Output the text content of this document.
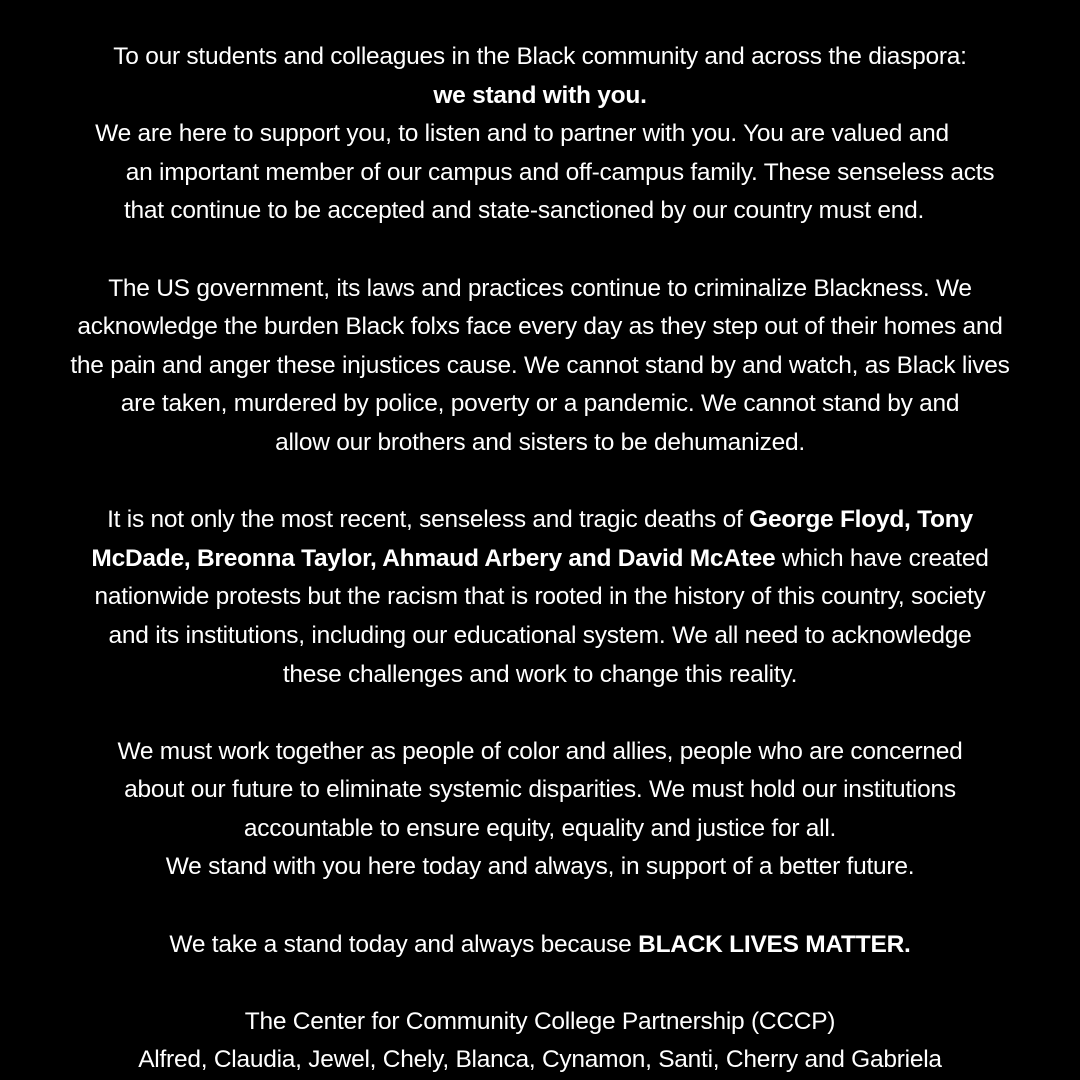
To our students and colleagues in the Black community and across the diaspora:
we stand with you.
We are here to support you, to listen and to partner with you. You are valued and
an important member of our campus and off-campus family. These senseless acts
that continue to be accepted and state-sanctioned by our country must end.
The US government, its laws and practices continue to criminalize Blackness. We
acknowledge the burden Black folxs face every day as they step out of their homes and
the pain and anger these injustices cause. We cannot stand by and watch, as Black lives
are taken, murdered by police, poverty or a pandemic. We cannot stand by and
allow our brothers and sisters to be dehumanized.
It is not only the most recent, senseless and tragic deaths of George Floyd, Tony
McDade, Breonna Taylor, Ahmaud Arbery and David McAtee which have created
nationwide protests but the racism that is rooted in the history of this country, society
and its institutions, including our educational system. We all need to acknowledge
these challenges and work to change this reality.
We must work together as people of color and allies, people who are concerned
about our future to eliminate systemic disparities. We must hold our institutions
accountable to ensure equity, equality and justice for all.
We stand with you here today and always, in support of a better future.
We take a stand today and always because BLACK LIVES MATTER.
The Center for Community College Partnership (CCCP)
Alfred, Claudia, Jewel, Chely, Blanca, Cynamon, Santi, Cherry and Gabriela
